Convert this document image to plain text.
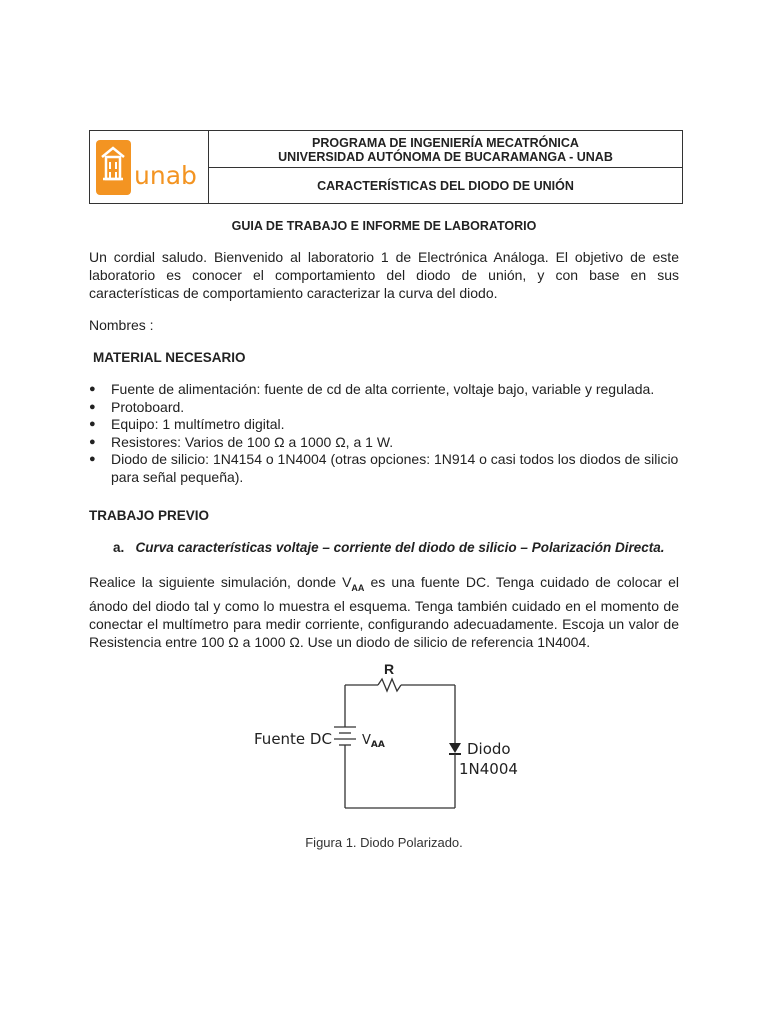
unab
PROGRAMA DE INGENIERÍA MECATRÓNICA
UNIVERSIDAD AUTÓNOMA DE BUCARAMANGA - UNAB
CARACTERÍSTICAS DEL DIODO DE UNIÓN
GUIA DE TRABAJO E INFORME DE LABORATORIO
Un cordial saludo. Bienvenido al laboratorio 1 de Electrónica Análoga. El objetivo de este laboratorio es conocer el comportamiento del diodo de unión, y con base en sus características de comportamiento caracterizar la curva del diodo.
Nombres :
MATERIAL NECESARIO
● Fuente de alimentación: fuente de cd de alta corriente, voltaje bajo, variable y regulada.
● Protoboard.
● Equipo: 1 multímetro digital.
● Resistores: Varios de 100 Ω a 1000 Ω, a 1 W.
● Diodo de silicio: 1N4154 o 1N4004 (otras opciones: 1N914 o casi todos los diodos de silicio para señal pequeña).
TRABAJO PREVIO
a. Curva características voltaje – corriente del diodo de silicio – Polarización Directa.
Realice la siguiente simulación, donde $V_{AA}$ es una fuente DC. Tenga cuidado de colocar el ánodo del diodo tal y como lo muestra el esquema. Tenga también cuidado en el momento de conectar el multímetro para medir corriente, configurando adecuadamente. Escoja un valor de Resistencia entre 100 Ω a 1000 Ω. Use un diodo de silicio de referencia 1N4004.
R
Fuente DC $V_{AA}$	Diodo
1N4004
Figura 1. Diodo Polarizado.
